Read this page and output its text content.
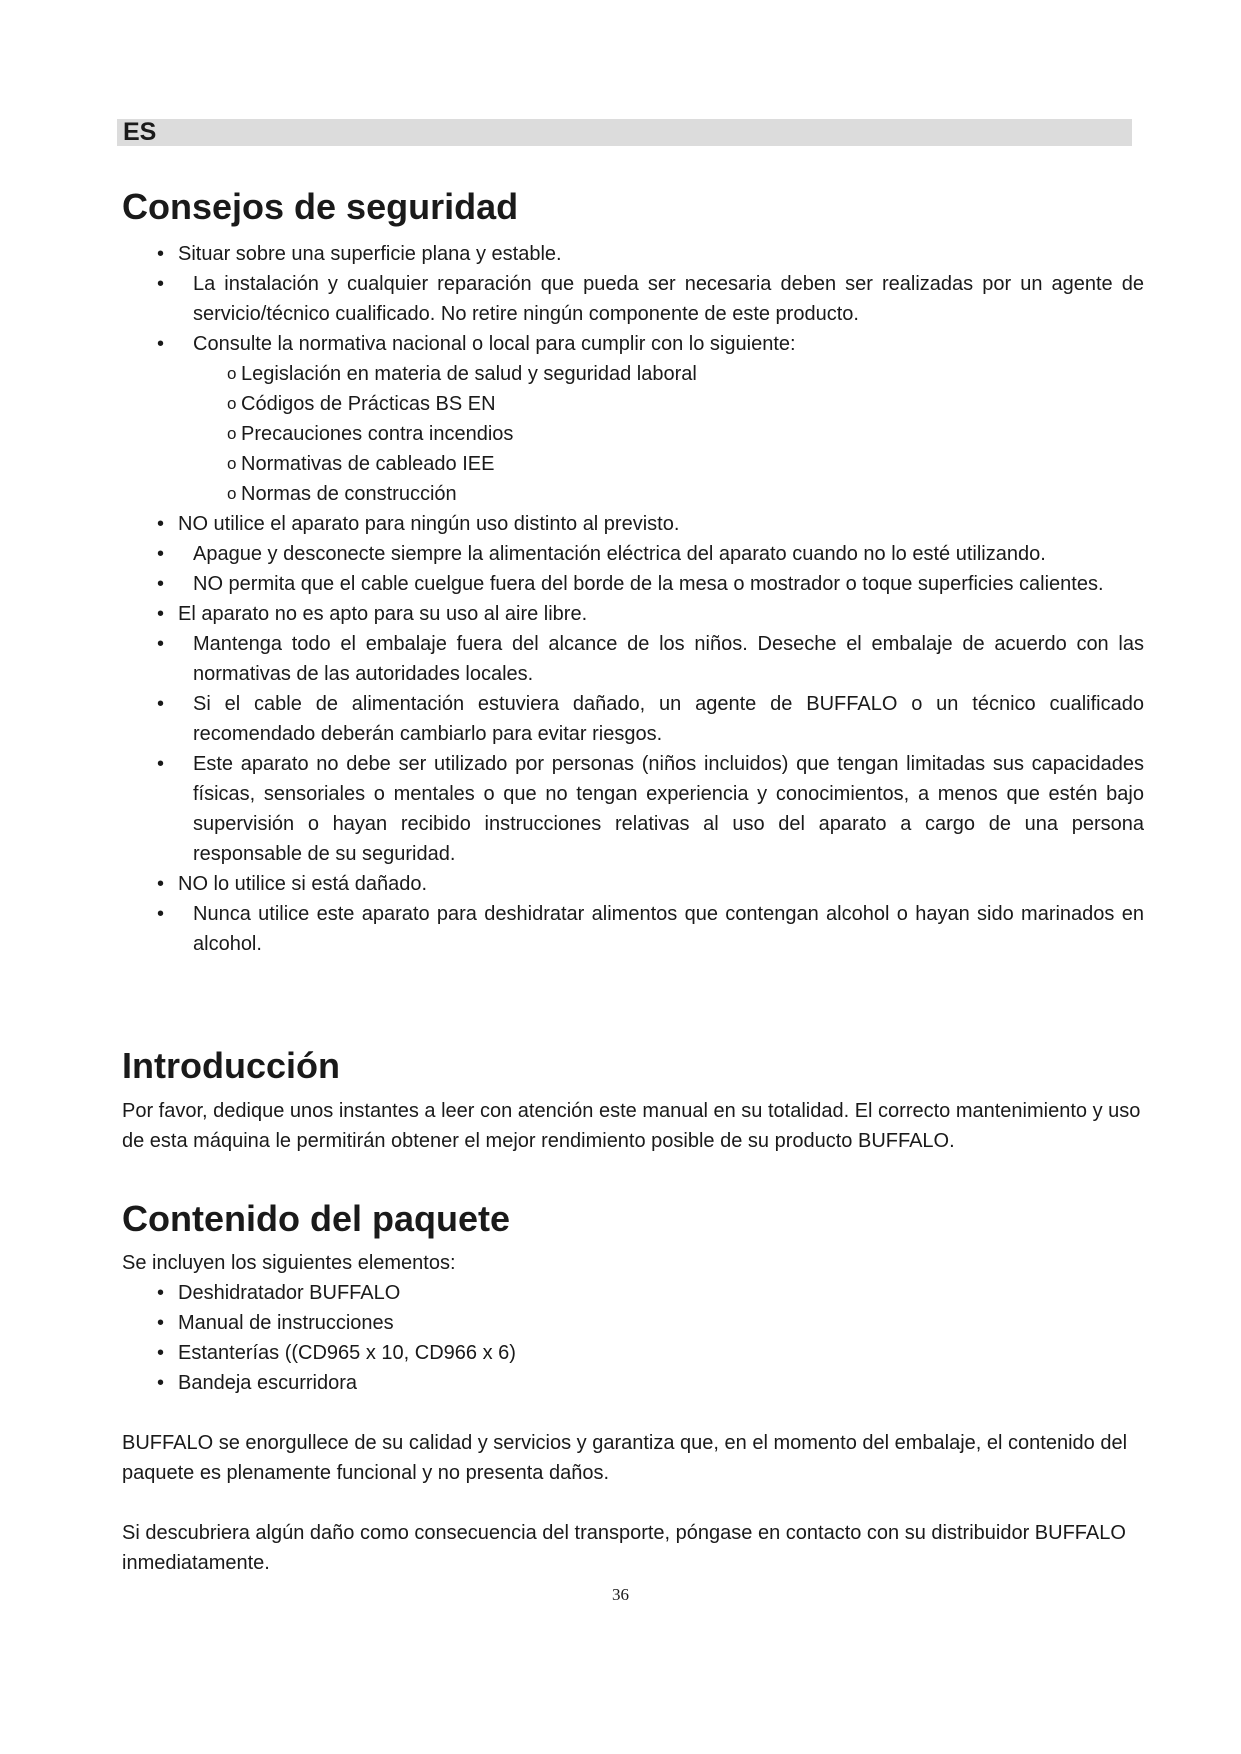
ES
Consejos de seguridad
• Situar sobre una superficie plana y estable.
• La instalación y cualquier reparación que pueda ser necesaria deben ser realizadas por un agente de servicio/técnico cualificado. No retire ningún componente de este producto.
• Consulte la normativa nacional o local para cumplir con lo siguiente:
o Legislación en materia de salud y seguridad laboral
o Códigos de Prácticas BS EN
o Precauciones contra incendios
o Normativas de cableado IEE
o Normas de construcción
• NO utilice el aparato para ningún uso distinto al previsto.
• Apague y desconecte siempre la alimentación eléctrica del aparato cuando no lo esté utilizando.
• NO permita que el cable cuelgue fuera del borde de la mesa o mostrador o toque superficies calientes.
• El aparato no es apto para su uso al aire libre.
• Mantenga todo el embalaje fuera del alcance de los niños. Deseche el embalaje de acuerdo con las normativas de las autoridades locales.
• Si el cable de alimentación estuviera dañado, un agente de BUFFALO o un técnico cualificado recomendado deberán cambiarlo para evitar riesgos.
• Este aparato no debe ser utilizado por personas (niños incluidos) que tengan limitadas sus capacidades físicas, sensoriales o mentales o que no tengan experiencia y conocimientos, a menos que estén bajo supervisión o hayan recibido instrucciones relativas al uso del aparato a cargo de una persona responsable de su seguridad.
• NO lo utilice si está dañado.
• Nunca utilice este aparato para deshidratar alimentos que contengan alcohol o hayan sido marinados en alcohol.
Introducción

Por favor, dedique unos instantes a leer con atención este manual en su totalidad. El correcto mantenimiento y uso de esta máquina le permitirán obtener el mejor rendimiento posible de su producto BUFFALO.

Contenido del paquete

Se incluyen los siguientes elementos:

• Deshidratador BUFFALO
• Manual de instrucciones
• Estanterías ((CD965 x 10, CD966 x 6)
• Bandeja escurridora

BUFFALO se enorgullece de su calidad y servicios y garantiza que, en el momento del embalaje, el contenido del paquete es plenamente funcional y no presenta daños.

Si descubriera algún daño como consecuencia del transporte, póngase en contacto con su distribuidor BUFFALO inmediatamente.

36
